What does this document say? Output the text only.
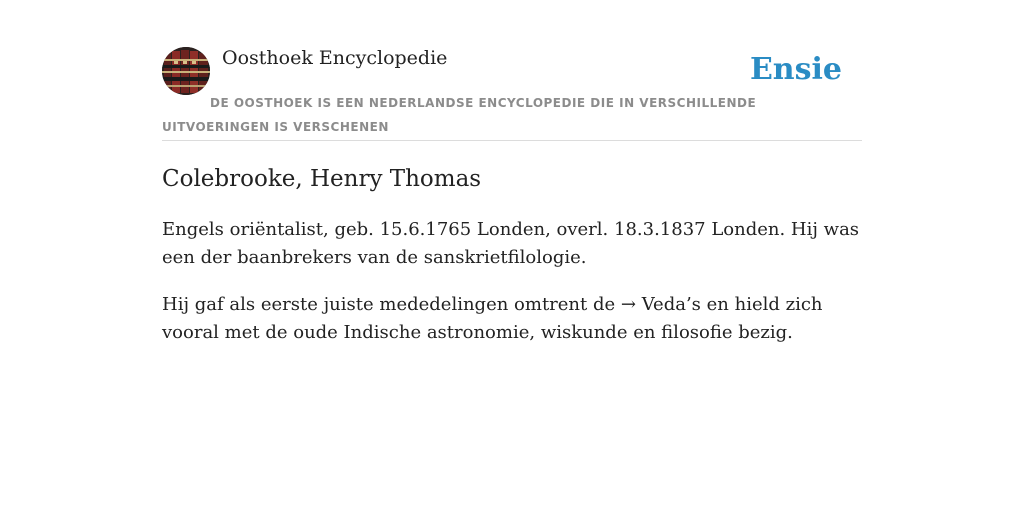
Oosthoek Encyclopedie	Ensie
DE OOSTHOEK IS EEN NEDERLANDSE ENCYCLOPEDIE DIE IN VERSCHILLENDE UITVOERINGEN IS VERSCHENEN
Colebrooke, Henry Thomas

Engels oriëntalist, geb. 15.6.1765 Londen, overl. 18.3.1837 Londen. Hij was een der baanbrekers van de sanskrietfilologie.

Hij gaf als eerste juiste mededelingen omtrent de → Veda’s en hield zich vooral met de oude Indische astronomie, wiskunde en filosofie bezig.
